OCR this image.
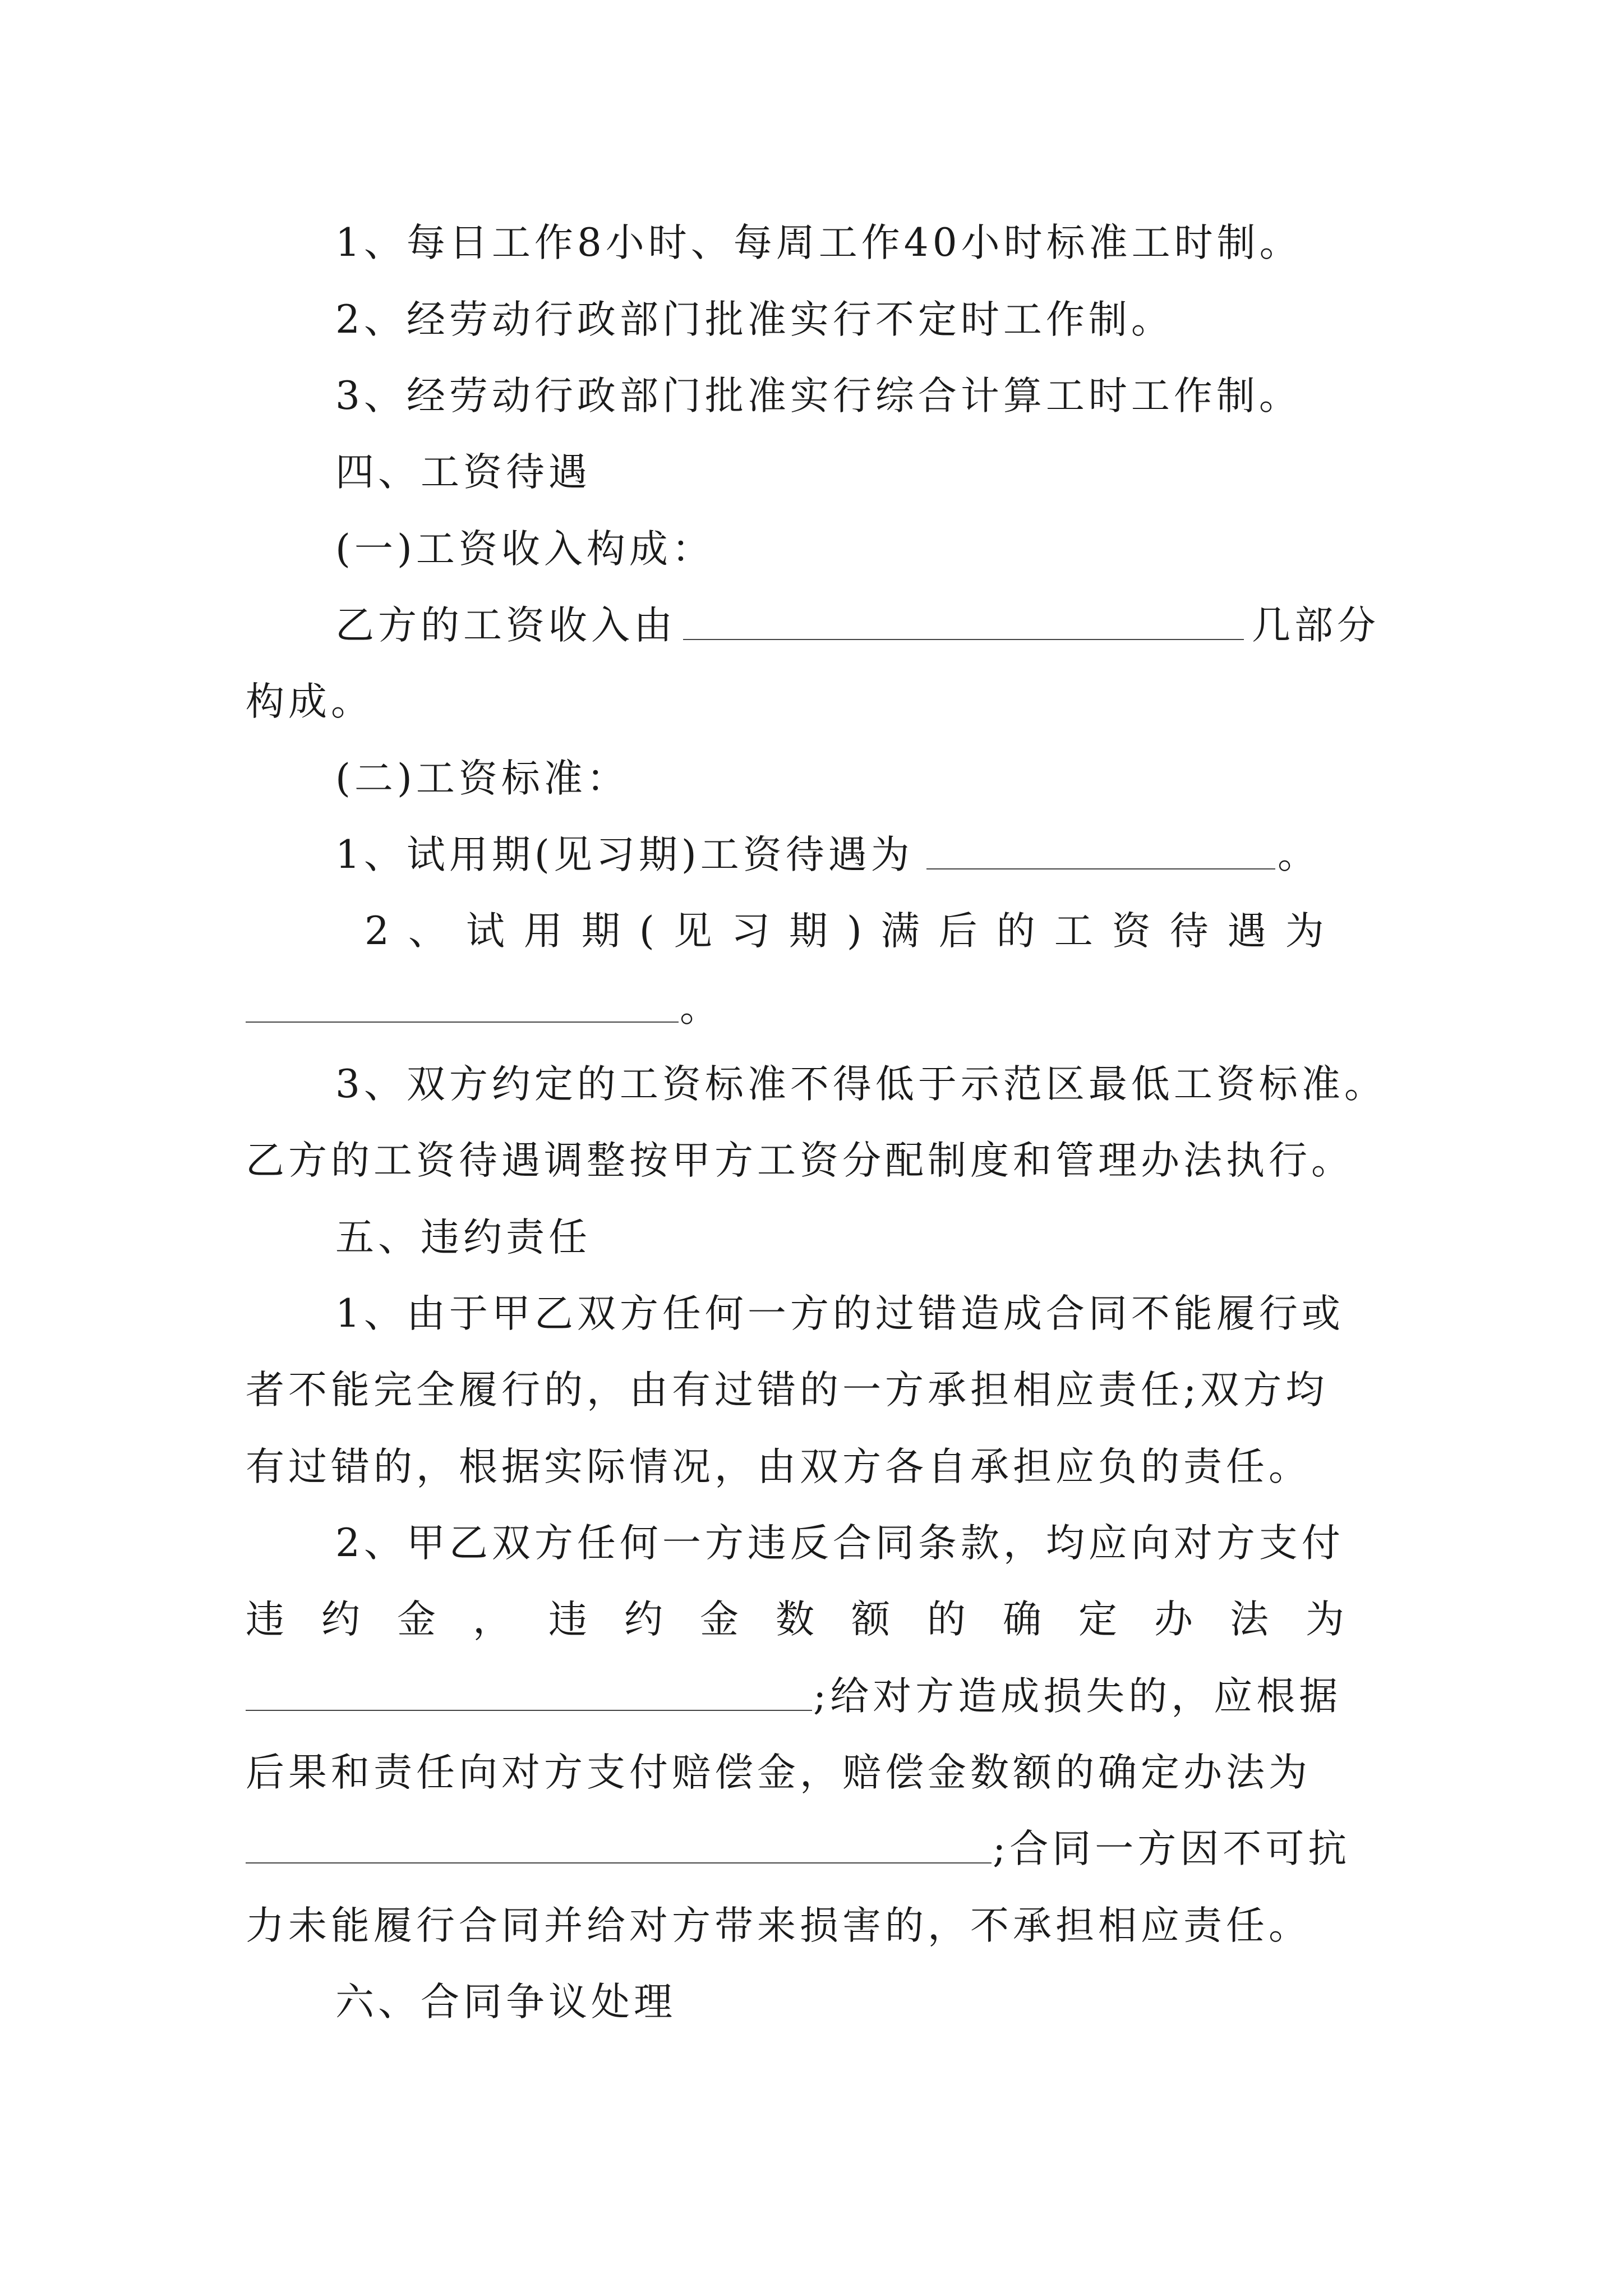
1、每日工作8小时、每周工作40小时标准工时制。
2、经劳动行政部门批准实行不定时工作制。
3、经劳动行政部门批准实行综合计算工时工作制。
四、工资待遇
(一)工资收入构成：
乙方的工资收入由	几部分
构成。
(二)工资标准：
1、试用期(见习期)工资待遇为	。
2、试用期(见习期)满后的工资待遇为
。
3、双方约定的工资标准不得低于示范区最低工资标准。
乙方的工资待遇调整按甲方工资分配制度和管理办法执行。
五、违约责任
1、由于甲乙双方任何一方的过错造成合同不能履行或
者不能完全履行的，由有过错的一方承担相应责任;双方均
有过错的，根据实际情况，由双方各自承担应负的责任。
2、甲乙双方任何一方违反合同条款，均应向对方支付
违约金，违约金数额的确定办法为
;给对方造成损失的，应根据
后果和责任向对方支付赔偿金，赔偿金数额的确定办法为
;合同一方因不可抗
力未能履行合同并给对方带来损害的，不承担相应责任。
六、合同争议处理
